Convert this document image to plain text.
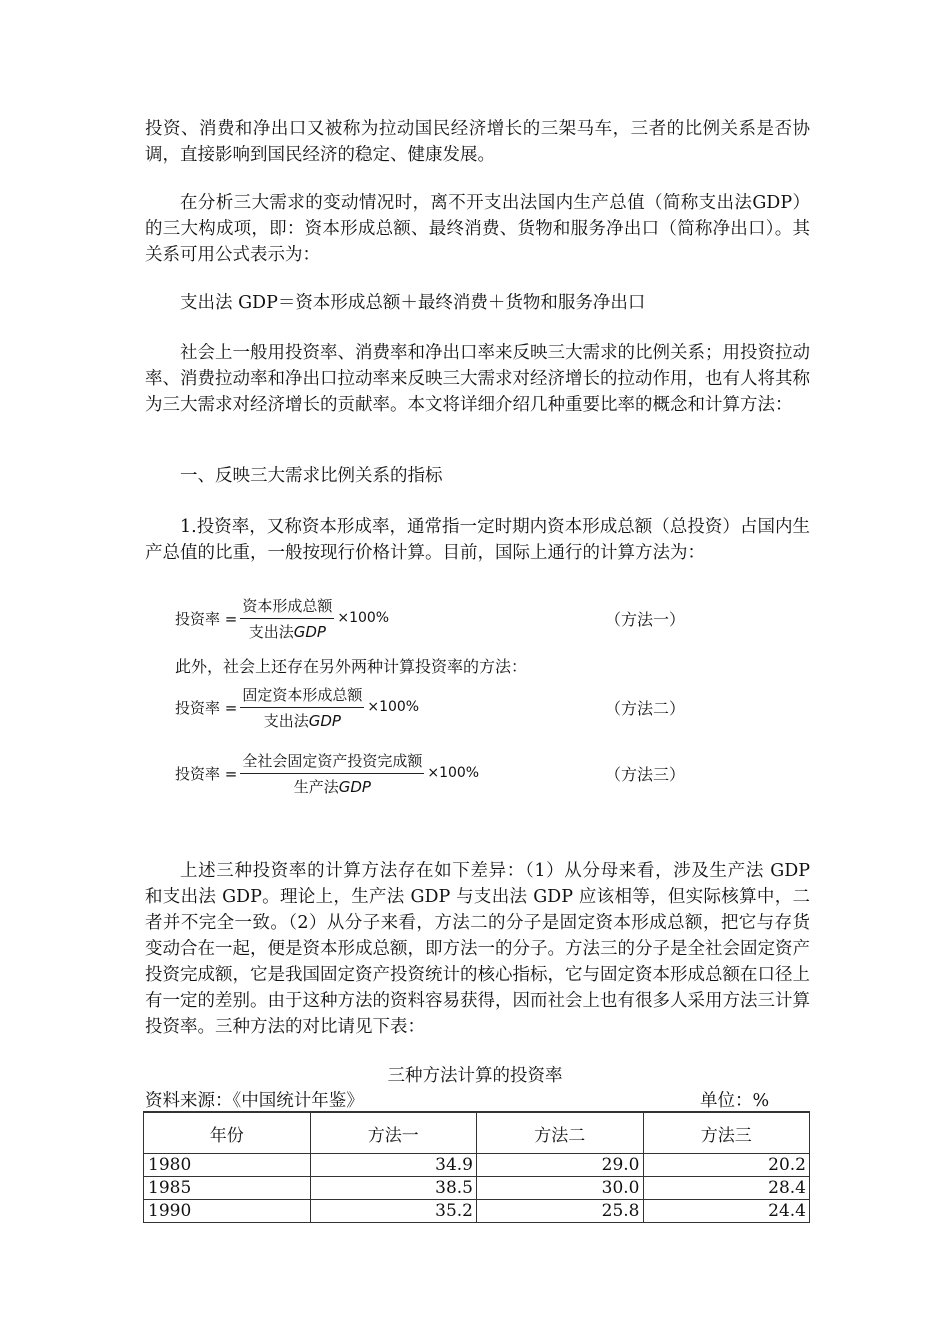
投资、消费和净出口又被称为拉动国民经济增长的三架马车，三者的比例关系是否协调，直接影响到国民经济的稳定、健康发展。

在分析三大需求的变动情况时，离不开支出法国内生产总值（简称支出法GDP）的三大构成项，即：资本形成总额、最终消费、货物和服务净出口（简称净出口）。其关系可用公式表示为：

支出法 GDP＝资本形成总额＋最终消费＋货物和服务净出口

社会上一般用投资率、消费率和净出口率来反映三大需求的比例关系；用投资拉动率、消费拉动率和净出口拉动率来反映三大需求对经济增长的拉动作用，也有人将其称为三大需求对经济增长的贡献率。本文将详细介绍几种重要比率的概念和计算方法：

一、反映三大需求比例关系的指标

1.投资率，又称资本形成率，通常指一定时期内资本形成总额（总投资）占国内生产总值的比重，一般按现行价格计算。目前，国际上通行的计算方法为：

投资率 = $\frac{\text{资本形成总额}}{\text{支出法GDP}} \times 100\%$	（方法一）
此外，社会上还存在另外两种计算投资率的方法：
投资率 = $\frac{\text{固定资本形成总额}}{\text{支出法GDP}} \times 100\%$	（方法二）
投资率 = $\frac{\text{全社会固定资产投资完成额}}{\text{生产法GDP}} \times 100\%$	（方法三）

上述三种投资率的计算方法存在如下差异：（1）从分母来看，涉及生产法 GDP 和支出法 GDP。理论上，生产法 GDP 与支出法 GDP 应该相等，但实际核算中，二者并不完全一致。（2）从分子来看，方法二的分子是固定资本形成总额，把它与存货变动合在一起，便是资本形成总额，即方法一的分子。方法三的分子是全社会固定资产投资完成额，它是我国固定资产投资统计的核心指标，它与固定资本形成总额在口径上有一定的差别。由于这种方法的资料容易获得，因而社会上也有很多人采用方法三计算投资率。三种方法的对比请见下表：

三种方法计算的投资率
资料来源：《中国统计年鉴》	单位：%
年份	方法一	方法二	方法三
1980	34.9	29.0	20.2
1985	38.5	30.0	28.4
1990	35.2	25.8	24.4
